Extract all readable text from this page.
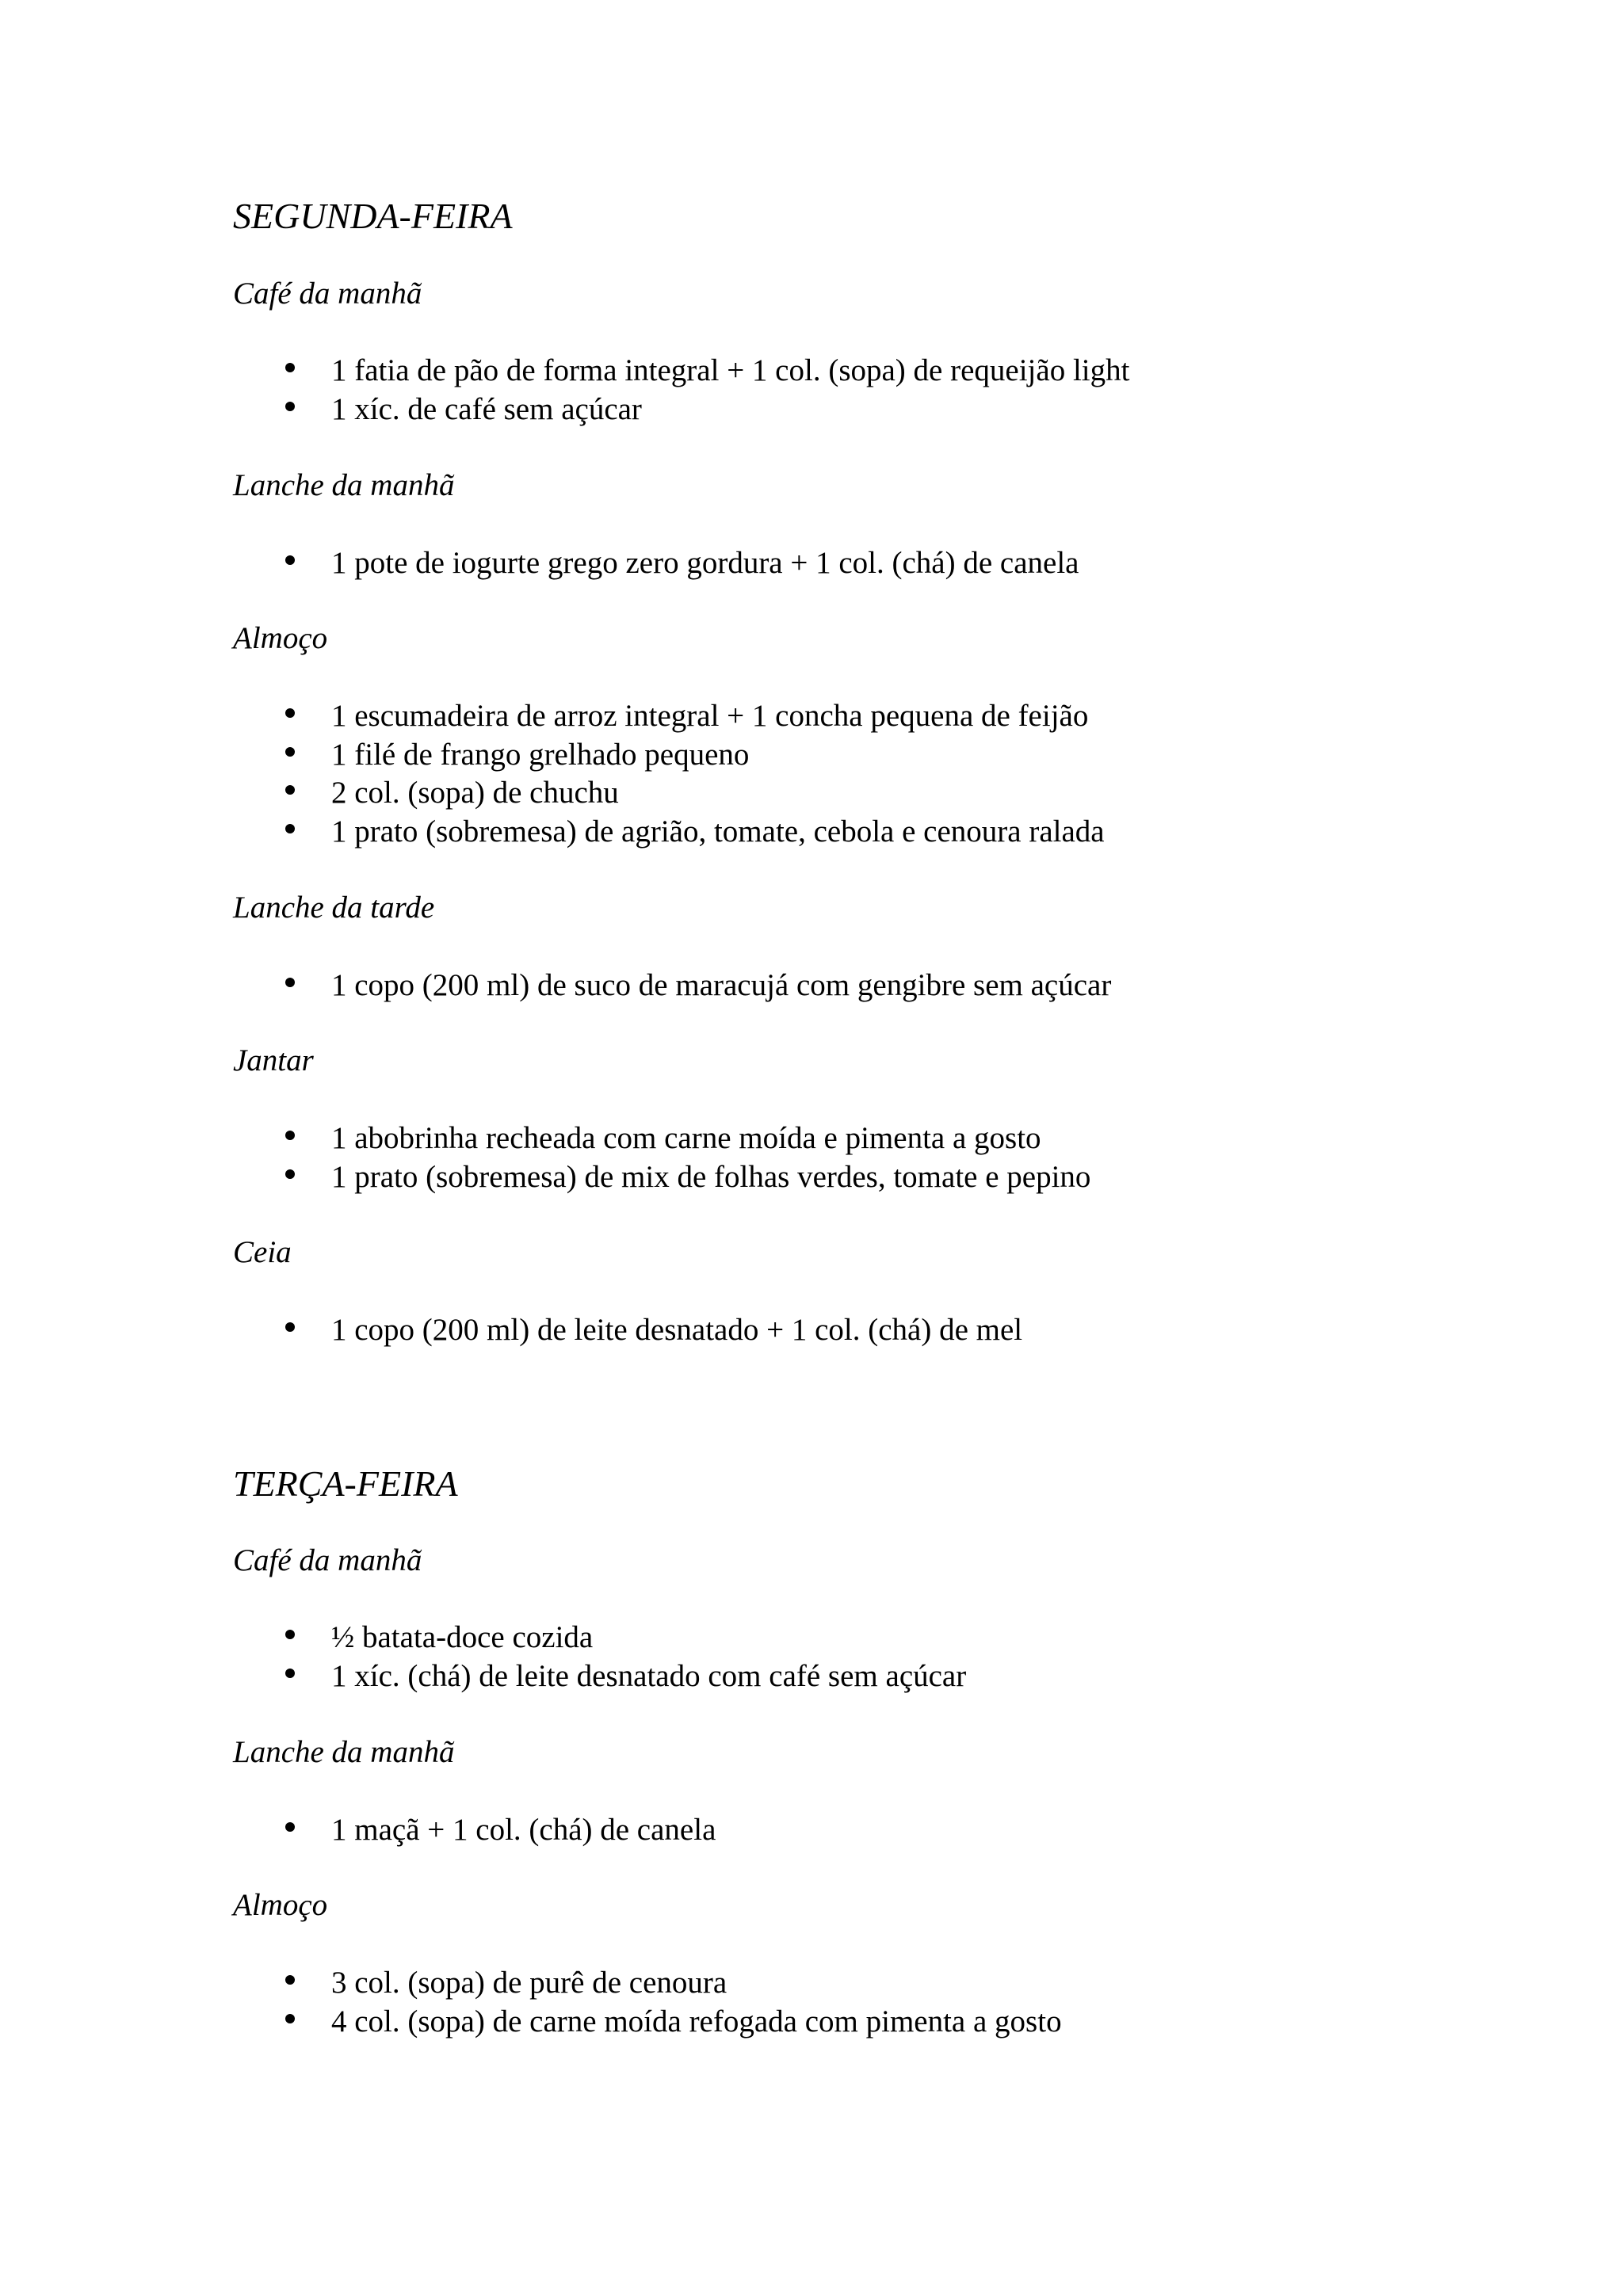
SEGUNDA-FEIRA
Café da manhã
1 fatia de pão de forma integral + 1 col. (sopa) de requeijão light
1 xíc. de café sem açúcar
Lanche da manhã
1 pote de iogurte grego zero gordura + 1 col. (chá) de canela
Almoço
1 escumadeira de arroz integral + 1 concha pequena de feijão
1 filé de frango grelhado pequeno
2 col. (sopa) de chuchu
1 prato (sobremesa) de agrião, tomate, cebola e cenoura ralada
Lanche da tarde
1 copo (200 ml) de suco de maracujá com gengibre sem açúcar
Jantar
1 abobrinha recheada com carne moída e pimenta a gosto
1 prato (sobremesa) de mix de folhas verdes, tomate e pepino
Ceia
1 copo (200 ml) de leite desnatado + 1 col. (chá) de mel
TERÇA-FEIRA
Café da manhã
½ batata-doce cozida
1 xíc. (chá) de leite desnatado com café sem açúcar
Lanche da manhã
1 maçã + 1 col. (chá) de canela
Almoço
3 col. (sopa) de purê de cenoura
4 col. (sopa) de carne moída refogada com pimenta a gosto
